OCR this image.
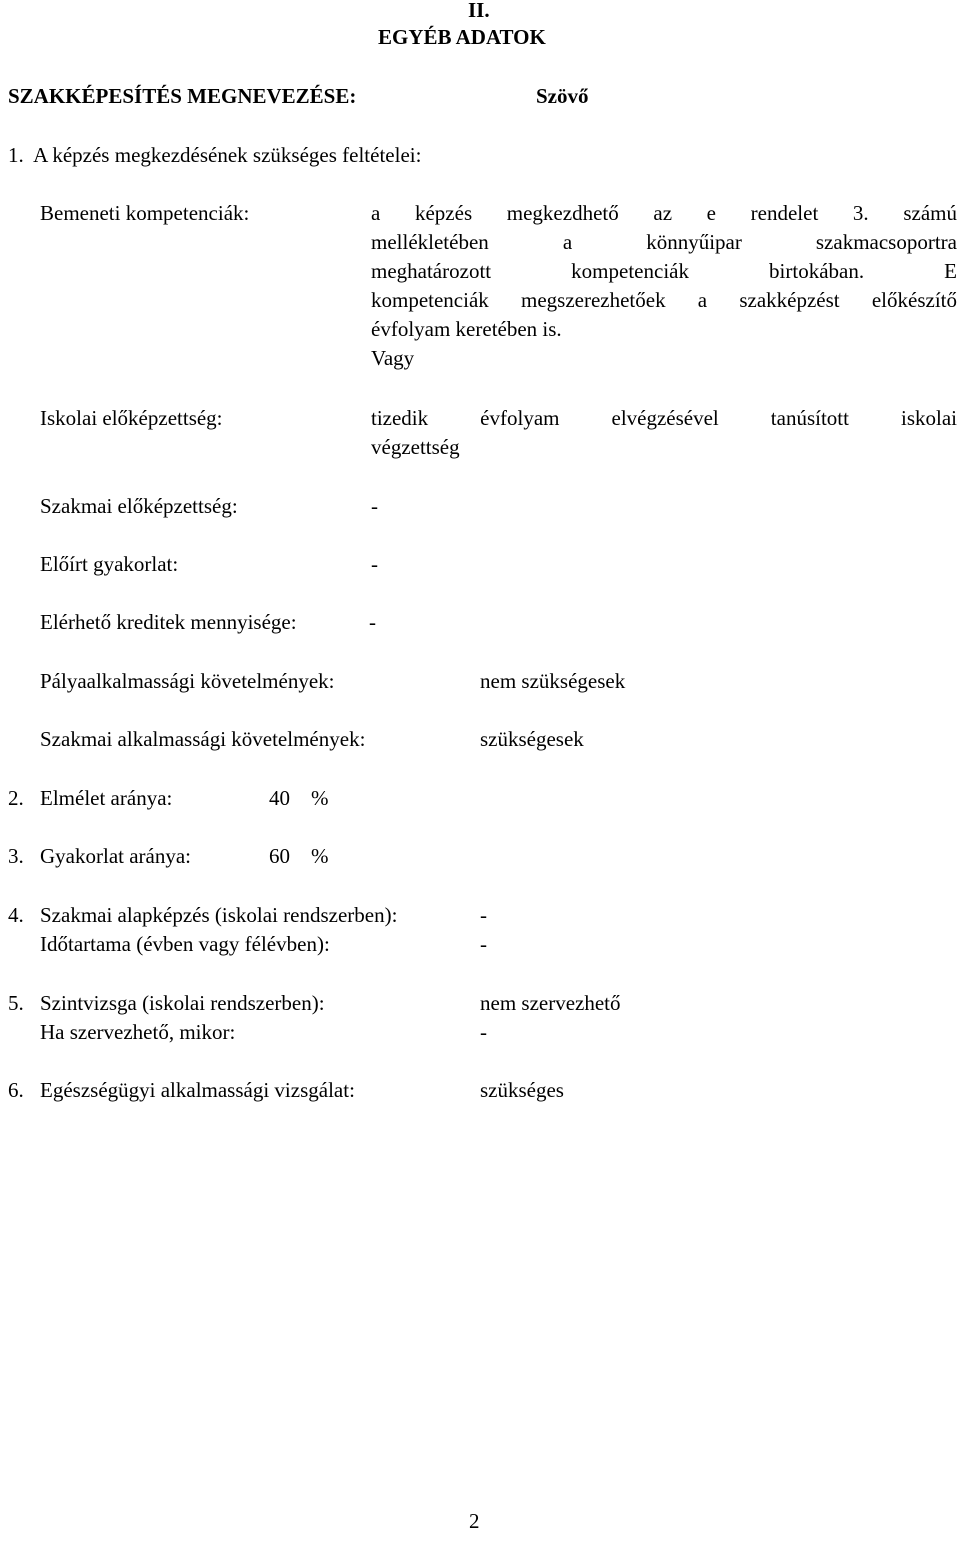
II.
EGYÉB ADATOK
SZAKKÉPESÍTÉS MEGNEVEZÉSE:	Szövő
1.  A képzés megkezdésének szükséges feltételei:
Bemeneti kompetenciák:	a képzés megkezdhető az e rendelet 3. számú
mellékletében a könnyűipar szakmacsoportra
meghatározott kompetenciák birtokában. E
kompetenciák megszerezhetőek a szakképzést előkészítő
évfolyam keretében is.
Vagy
Iskolai előképzettség:	tizedik évfolyam elvégzésével tanúsított iskolai
végzettség
Szakmai előképzettség:	-
Előírt gyakorlat:	-
Elérhető kreditek mennyisége:	-
Pályaalkalmassági követelmények:	nem szükségesek
Szakmai alkalmassági követelmények:	szükségesek
2. Elmélet aránya:	40 %
3. Gyakorlat aránya:	60 %
4. Szakmai alapképzés (iskolai rendszerben):	-
Időtartama (évben vagy félévben):	-
5. Szintvizsga (iskolai rendszerben):	nem szervezhető
Ha szervezhető, mikor:	-
6. Egészségügyi alkalmassági vizsgálat:	szükséges
2
